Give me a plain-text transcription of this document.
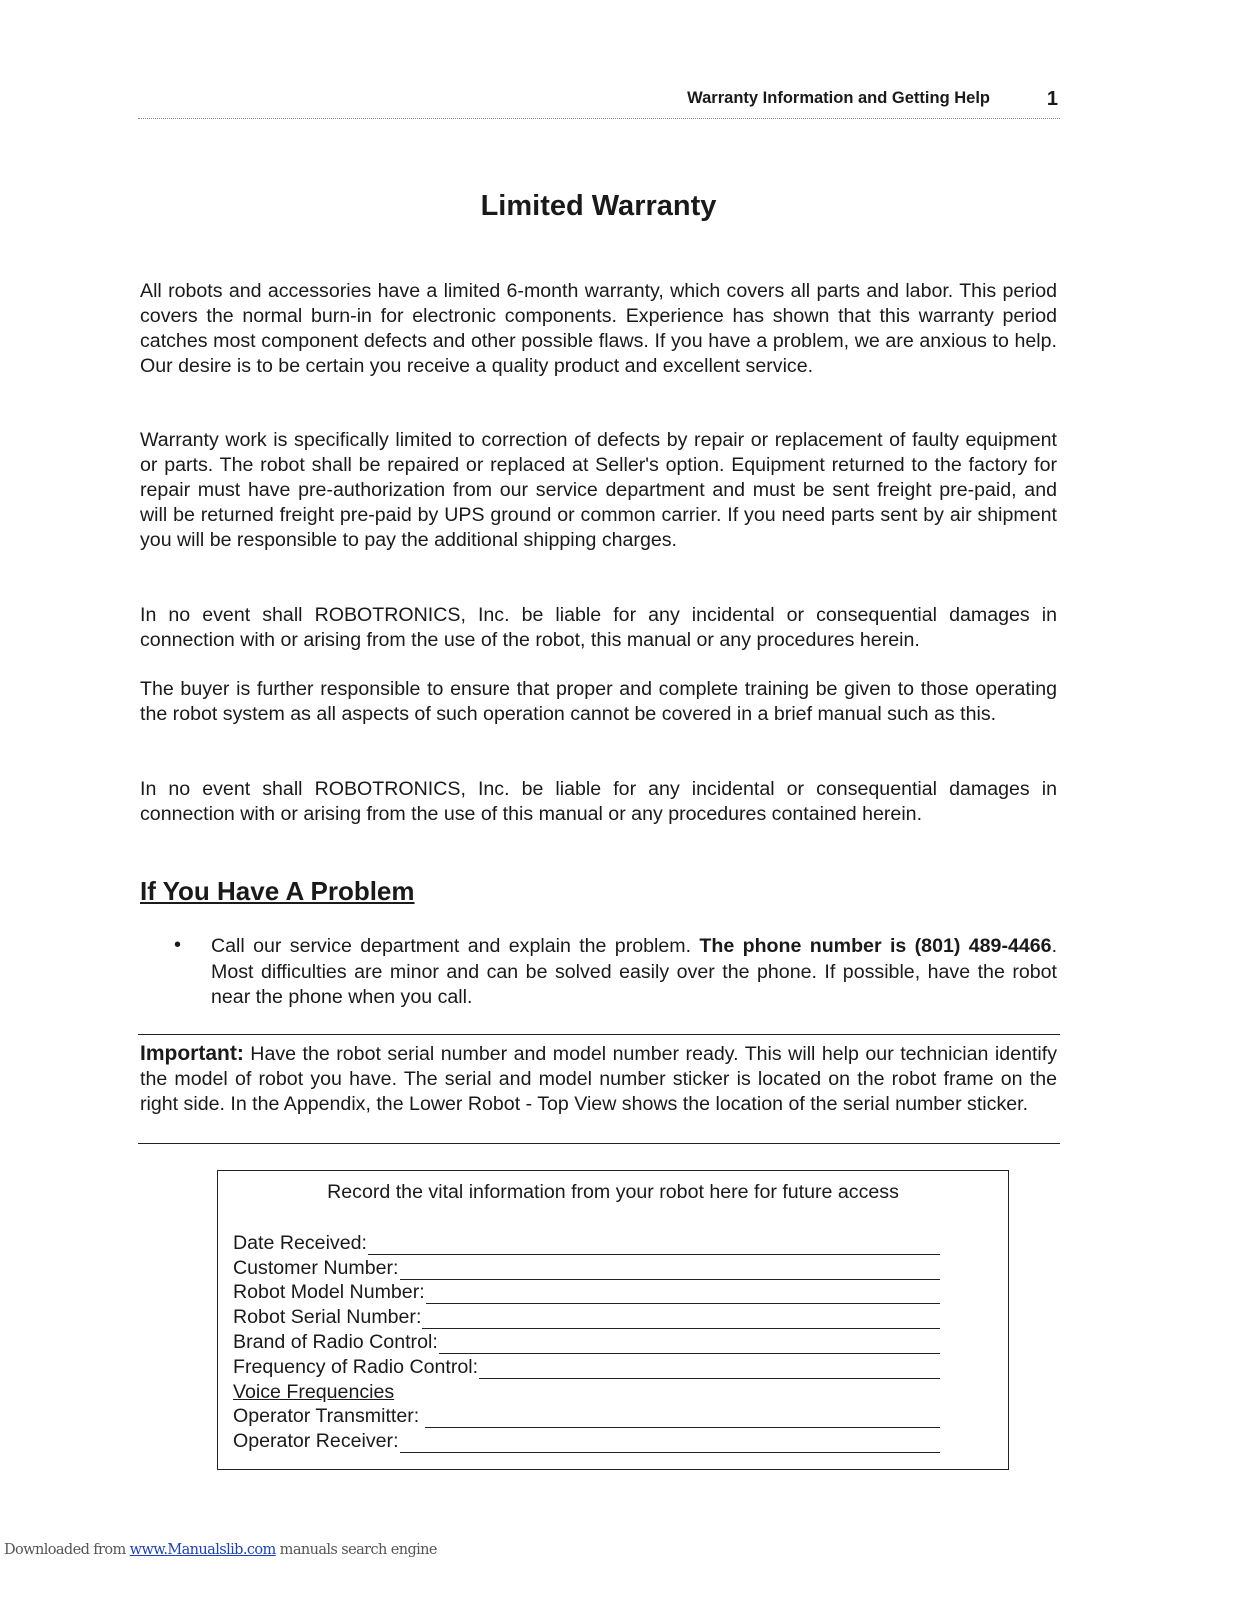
Warranty Information and Getting Help	1
Limited Warranty

All robots and accessories have a limited 6-month warranty, which covers all parts and labor. This period covers the normal burn-in for electronic components. Experience has shown that this warranty period catches most component defects and other possible flaws. If you have a problem, we are anxious to help. Our desire is to be certain you receive a quality product and excellent service.

Warranty work is specifically limited to correction of defects by repair or replacement of faulty equipment or parts. The robot shall be repaired or replaced at Seller's option. Equipment returned to the factory for repair must have pre-authorization from our service department and must be sent freight pre-paid, and will be returned freight pre-paid by UPS ground or common carrier. If you need parts sent by air shipment you will be responsible to pay the additional shipping charges.

In no event shall ROBOTRONICS, Inc. be liable for any incidental or consequential damages in connection with or arising from the use of the robot, this manual or any procedures herein.

The buyer is further responsible to ensure that proper and complete training be given to those operating the robot system as all aspects of such operation cannot be covered in a brief manual such as this.

In no event shall ROBOTRONICS, Inc. be liable for any incidental or consequential damages in connection with or arising from the use of this manual or any procedures contained herein.

If You Have A Problem
• Call our service department and explain the problem. The phone number is (801) 489-4466. Most difficulties are minor and can be solved easily over the phone. If possible, have the robot near the phone when you call.

Important: Have the robot serial number and model number ready. This will help our technician identify the model of robot you have. The serial and model number sticker is located on the robot frame on the right side. In the Appendix, the Lower Robot - Top View shows the location of the serial number sticker.

Record the vital information from your robot here for future access
Date Received:
Customer Number:
Robot Model Number:
Robot Serial Number:
Brand of Radio Control:
Frequency of Radio Control:
Voice Frequencies
Operator Transmitter:
Operator Receiver:
Downloaded from www.Manualslib.com manuals search engine
